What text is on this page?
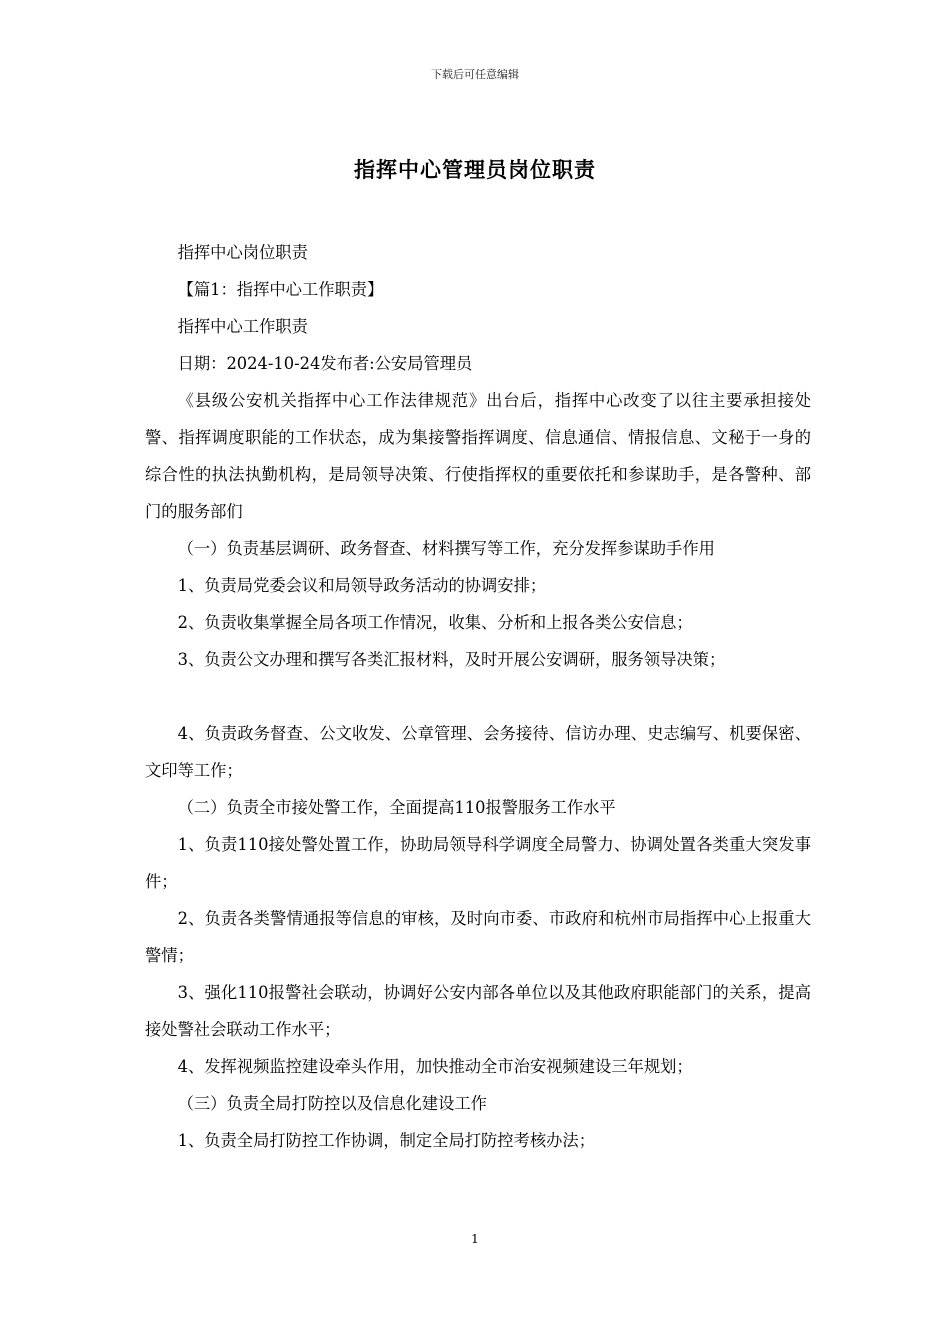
下载后可任意编辑
指挥中心管理员岗位职责

指挥中心岗位职责

【篇1：指挥中心工作职责】

指挥中心工作职责

日期：2024-10-24发布者:公安局管理员

《县级公安机关指挥中心工作法律规范》出台后，指挥中心改变了以往主要承担接处警、指挥调度职能的工作状态，成为集接警指挥调度、信息通信、情报信息、文秘于一身的综合性的执法执勤机构，是局领导决策、行使指挥权的重要依托和参谋助手，是各警种、部门的服务部们

（一）负责基层调研、政务督查、材料撰写等工作，充分发挥参谋助手作用

1、负责局党委会议和局领导政务活动的协调安排；

2、负责收集掌握全局各项工作情况，收集、分析和上报各类公安信息；

3、负责公文办理和撰写各类汇报材料，及时开展公安调研，服务领导决策；

4、负责政务督查、公文收发、公章管理、会务接待、信访办理、史志编写、机要保密、文印等工作；

（二）负责全市接处警工作，全面提高110报警服务工作水平

1、负责110接处警处置工作，协助局领导科学调度全局警力、协调处置各类重大突发事件；

2、负责各类警情通报等信息的审核，及时向市委、市政府和杭州市局指挥中心上报重大警情；

3、强化110报警社会联动，协调好公安内部各单位以及其他政府职能部门的关系，提高接处警社会联动工作水平；

4、发挥视频监控建设牵头作用，加快推动全市治安视频建设三年规划；

（三）负责全局打防控以及信息化建设工作

1、负责全局打防控工作协调，制定全局打防控考核办法；

1
